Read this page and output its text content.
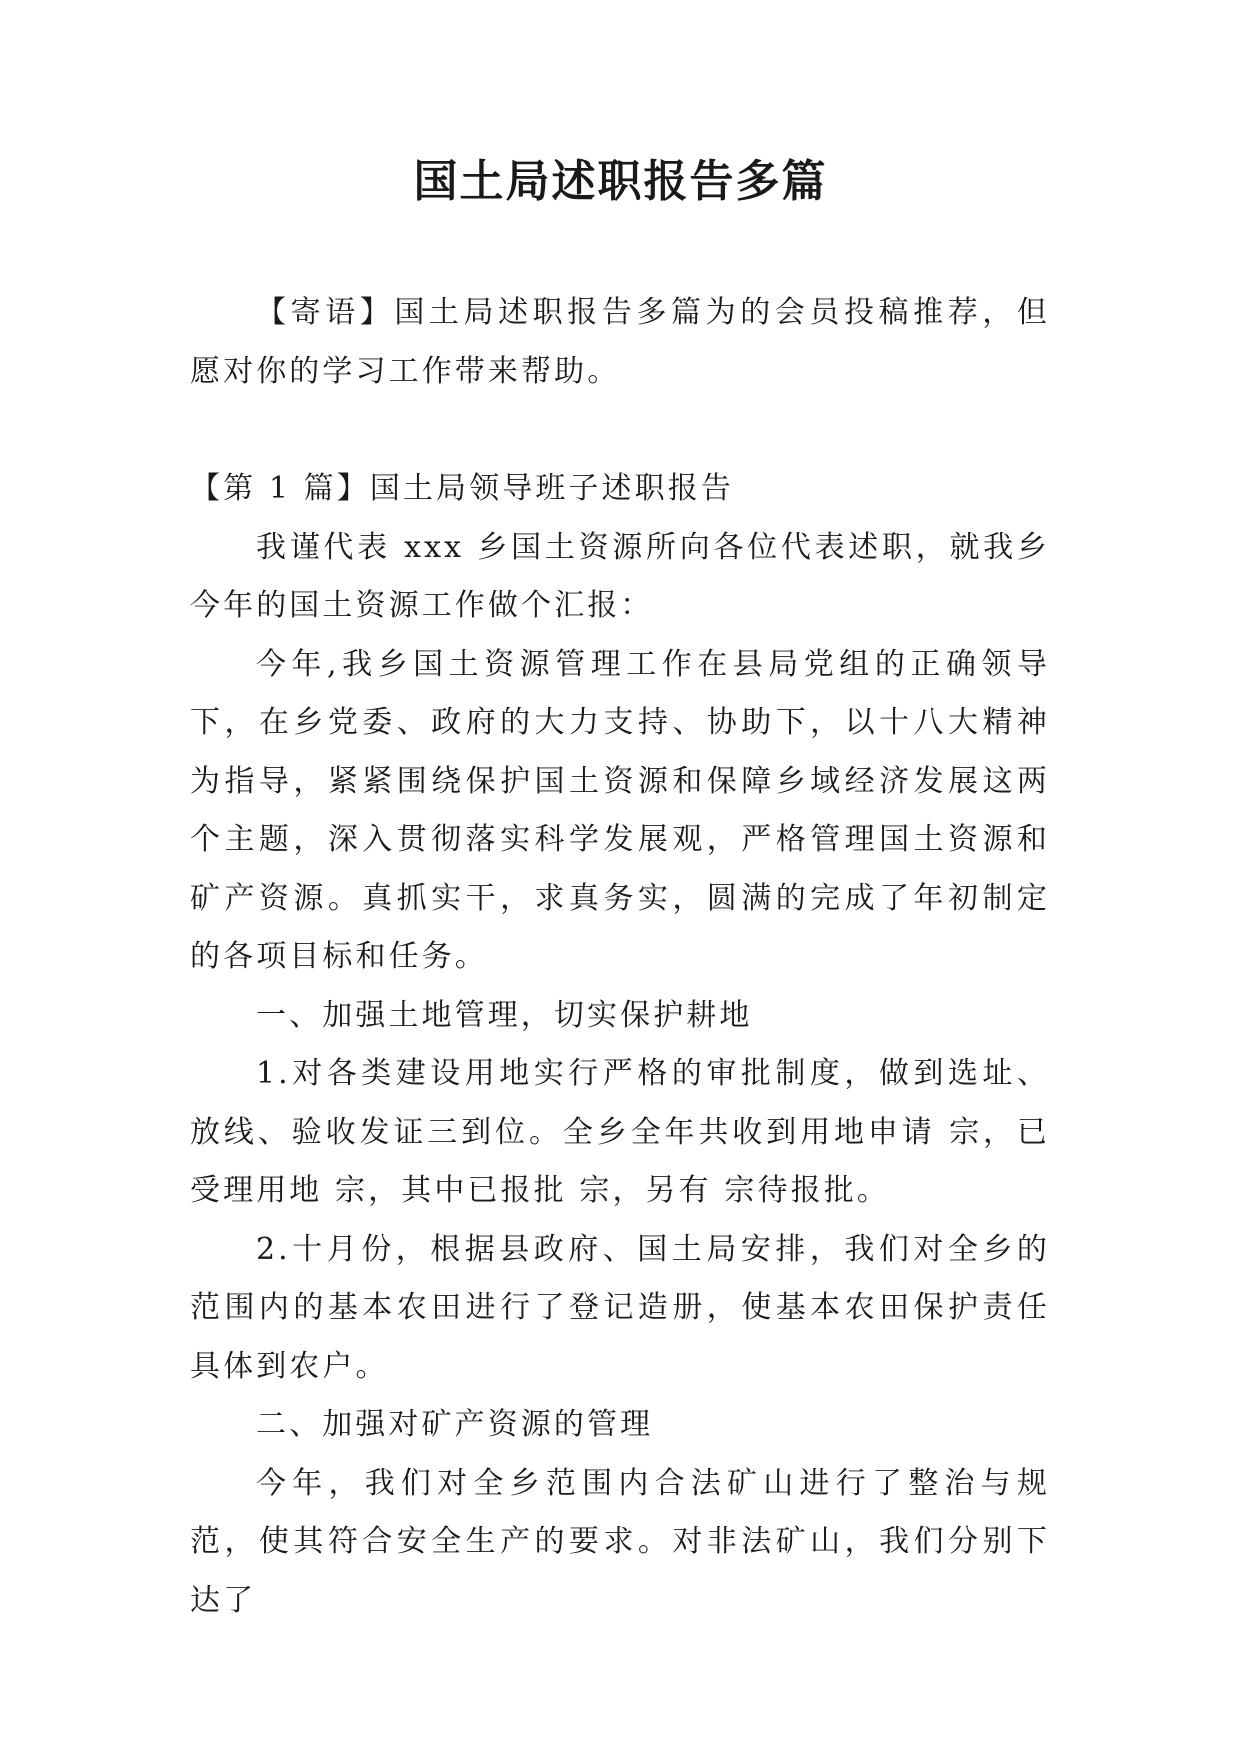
国土局述职报告多篇

【寄语】国土局述职报告多篇为的会员投稿推荐，但愿对你的学习工作带来帮助。

【第 1 篇】国土局领导班子述职报告

我谨代表 xxx 乡国土资源所向各位代表述职，就我乡今年的国土资源工作做个汇报：

今年,我乡国土资源管理工作在县局党组的正确领导下，在乡党委、政府的大力支持、协助下，以十八大精神为指导，紧紧围绕保护国土资源和保障乡域经济发展这两个主题，深入贯彻落实科学发展观，严格管理国土资源和矿产资源。真抓实干，求真务实，圆满的完成了年初制定的各项目标和任务。

一、加强土地管理，切实保护耕地

1.对各类建设用地实行严格的审批制度，做到选址、放线、验收发证三到位。全乡全年共收到用地申请 宗，已受理用地 宗，其中已报批 宗，另有 宗待报批。

2.十月份，根据县政府、国土局安排，我们对全乡的范围内的基本农田进行了登记造册，使基本农田保护责任具体到农户。

二、加强对矿产资源的管理

今年，我们对全乡范围内合法矿山进行了整治与规范，使其符合安全生产的要求。对非法矿山，我们分别下达了
